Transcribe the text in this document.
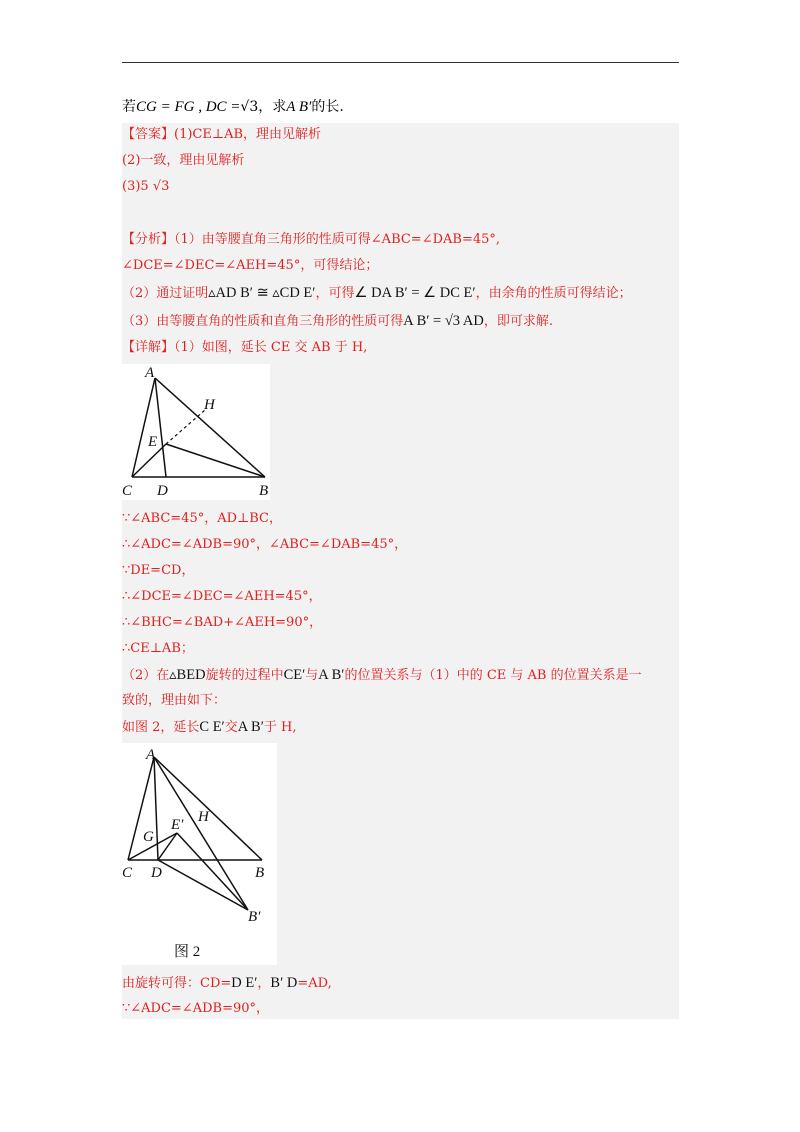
若CG = FG , DC =√3，求A B′的长.
【答案】(1)CE⊥AB，理由见解析
(2)一致，理由见解析
(3)5 √3
【分析】（1）由等腰直角三角形的性质可得∠ABC=∠DAB=45°,
∠DCE=∠DEC=∠AEH=45°，可得结论；
（2）通过证明▵AD B′ ≅ ▵CD E′，可得∠ DA B′ = ∠ DC E′，由余角的性质可得结论；
（3）由等腰直角的性质和直角三角形的性质可得A B′ = √3 AD，即可求解.
【详解】（1）如图，延长 CE 交 AB 于 H,
A
H
E
C D	B
∵∠ABC=45°，AD⊥BC，
∴∠ADC=∠ADB=90°，∠ABC=∠DAB=45°，
∵DE=CD，
∴∠DCE=∠DEC=∠AEH=45°，
∴∠BHC=∠BAD+∠AEH=90°，
∴CE⊥AB；
（2）在▵BED旋转的过程中CE′与A B′的位置关系与（1）中的 CE 与 AB 的位置关系是一
致的，理由如下：
如图 2，延长C E′交A B′于 H,
A
H
E′
G
C D	B
B′
图 2
由旋转可得：CD=D E′，B′ D=AD,
∵∠ADC=∠ADB=90°，
